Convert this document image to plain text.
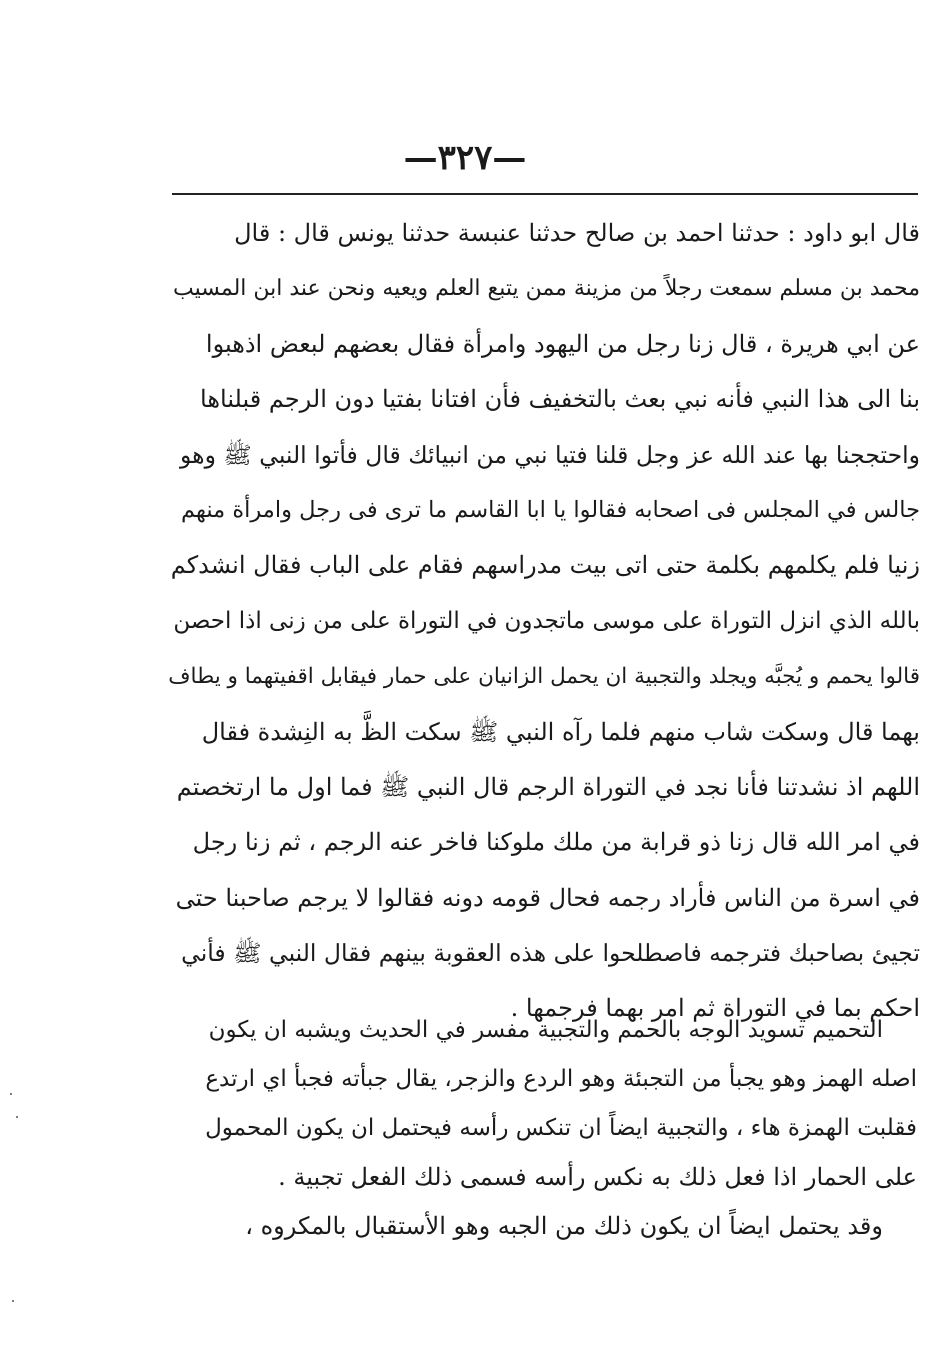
—٣٢٧—
قال ابو داود : حدثنا احمد بن صالح حدثنا عنبسة حدثنا يونس قال : قال
محمد بن مسلم سمعت رجلاً من مزينة ممن يتبع العلم ويعيه ونحن عند ابن المسيب
عن ابي هريرة ، قال زنا رجل من اليهود وامرأة فقال بعضهم لبعض اذهبوا
بنا الى هذا النبي فأنه نبي بعث بالتخفيف فأن افتانا بفتيا دون الرجم قبلناها
واحتججنا بها عند الله عز وجل قلنا فتيا نبي من انبيائك قال فأتوا النبي ﷺ وهو
جالس في المجلس فى اصحابه فقالوا يا ابا القاسم ما ترى فى رجل وامرأة منهم
زنيا فلم يكلمهم بكلمة حتى اتى بيت مدراسهم فقام على الباب فقال انشدكم
بالله الذي انزل التوراة على موسى ماتجدون في التوراة على من زنى اذا احصن
قالوا يحمم و يُجبَّه ويجلد والتجبية ان يحمل الزانيان على حمار فيقابل اقفيتهما و يطاف
بهما قال وسكت شاب منهم فلما رآه النبي ﷺ سكت الظَّ به النِشدة فقال
اللهم اذ نشدتنا فأنا نجد في التوراة الرجم قال النبي ﷺ فما اول ما ارتخصتم
في امر الله قال زنا ذو قرابة من ملك ملوكنا فاخر عنه الرجم ، ثم زنا رجل
في اسرة من الناس فأراد رجمه فحال قومه دونه فقالوا لا يرجم صاحبنا حتى
تجيئ بصاحبك فترجمه فاصطلحوا على هذه العقوبة بينهم فقال النبي ﷺ فأني
احكم بما في التوراة ثم امر بهما فرجمها .
التحميم تسويد الوجه بالحمم والتجبية مفسر في الحديث ويشبه ان يكون
اصله الهمز وهو يجبأ من التجبئة وهو الردع والزجر، يقال جبأته فجبأ اي ارتدع
فقلبت الهمزة هاء ، والتجبية ايضاً ان تنكس رأسه فيحتمل ان يكون المحمول
على الحمار اذا فعل ذلك به نكس رأسه فسمى ذلك الفعل تجبية .
وقد يحتمل ايضاً ان يكون ذلك من الجبه وهو الأستقبال بالمكروه ،
